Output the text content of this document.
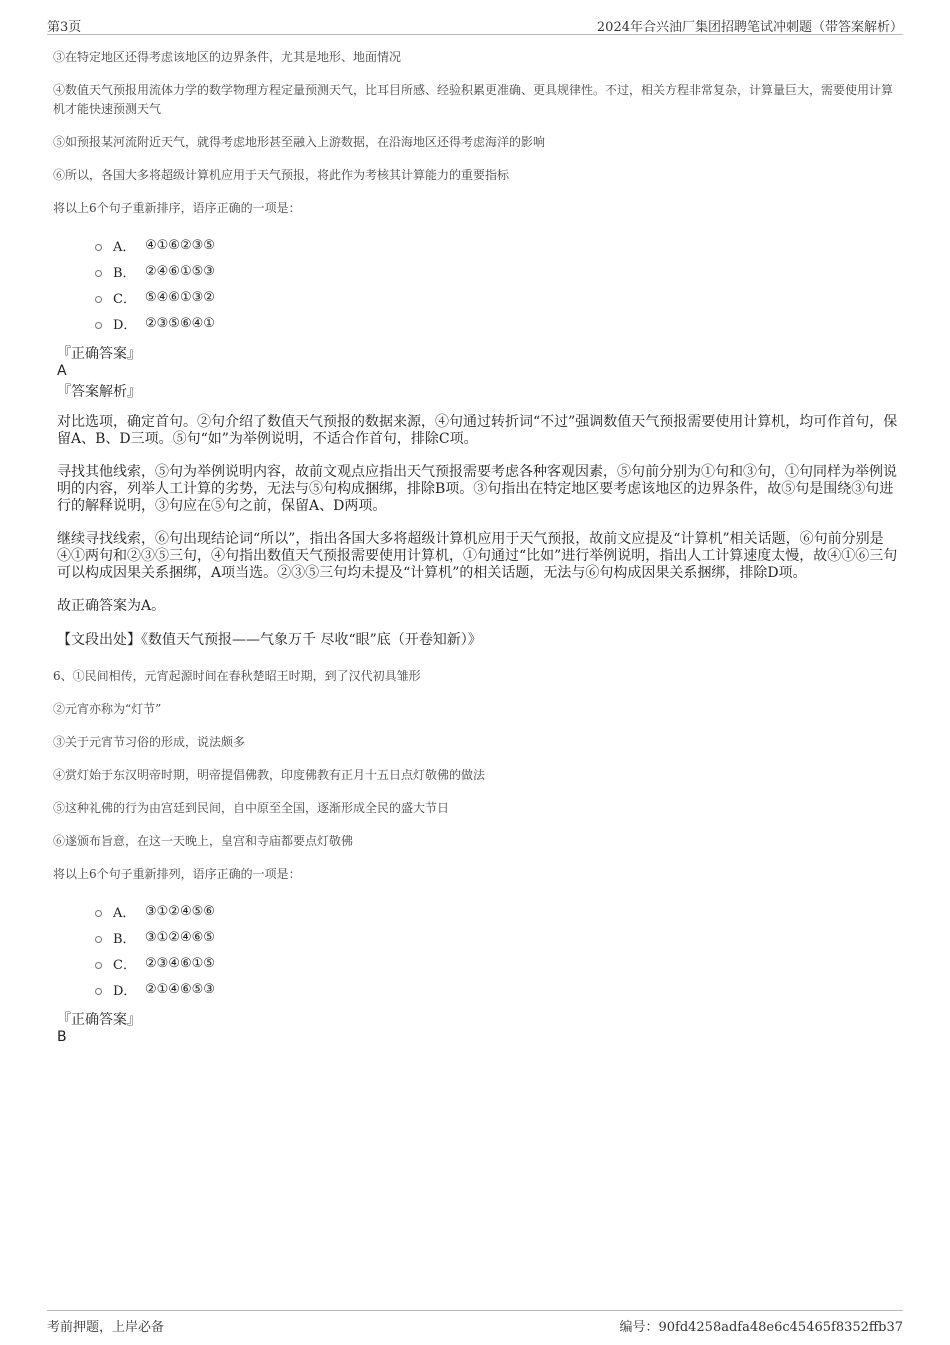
第3页	2024年合兴油厂集团招聘笔试冲刺题（带答案解析）
③在特定地区还得考虑该地区的边界条件，尤其是地形、地面情况
④数值天气预报用流体力学的数学物理方程定量预测天气，比耳目所感、经验积累更准确、更具规律性。不过，相关方程非常复杂，计算量巨大，需要使用计算机才能快速预测天气
⑤如预报某河流附近天气，就得考虑地形甚至融入上游数据，在沿海地区还得考虑海洋的影响
⑥所以，各国大多将超级计算机应用于天气预报，将此作为考核其计算能力的重要指标
将以上6个句子重新排序，语序正确的一项是：
A． ④①⑥②③⑤
B． ②④⑥①⑤③
C． ⑤④⑥①③②
D． ②③⑤⑥④①
『正确答案』
A
『答案解析』
对比选项，确定首句。②句介绍了数值天气预报的数据来源，④句通过转折词“不过”强调数值天气预报需要使用计算机，均可作首句，保留A、B、D三项。⑤句“如”为举例说明，不适合作首句，排除C项。
寻找其他线索，⑤句为举例说明内容，故前文观点应指出天气预报需要考虑各种客观因素，⑤句前分别为①句和③句，①句同样为举例说明的内容，列举人工计算的劣势，无法与⑤句构成捆绑，排除B项。③句指出在特定地区要考虑该地区的边界条件，故⑤句是围绕③句进行的解释说明，③句应在⑤句之前，保留A、D两项。
继续寻找线索，⑥句出现结论词“所以”，指出各国大多将超级计算机应用于天气预报，故前文应提及“计算机”相关话题，⑥句前分别是④①两句和②③⑤三句，④句指出数值天气预报需要使用计算机，①句通过“比如”进行举例说明，指出人工计算速度太慢，故④①⑥三句可以构成因果关系捆绑，A项当选。②③⑤三句均未提及“计算机”的相关话题，无法与⑥句构成因果关系捆绑，排除D项。
故正确答案为A。
【文段出处】《数值天气预报——气象万千 尽收“眼”底（开卷知新）》
6、①民间相传，元宵起源时间在春秋楚昭王时期，到了汉代初具雏形
②元宵亦称为“灯节”
③关于元宵节习俗的形成，说法颇多
④赏灯始于东汉明帝时期，明帝提倡佛教，印度佛教有正月十五日点灯敬佛的做法
⑤这种礼佛的行为由宫廷到民间，自中原至全国，逐渐形成全民的盛大节日
⑥遂颁布旨意，在这一天晚上，皇宫和寺庙都要点灯敬佛
将以上6个句子重新排列，语序正确的一项是：
A． ③①②④⑤⑥
B． ③①②④⑥⑤
C． ②③④⑥①⑤
D． ②①④⑥⑤③
『正确答案』
B
考前押题，上岸必备	编号：90fd4258adfa48e6c45465f8352ffb37
